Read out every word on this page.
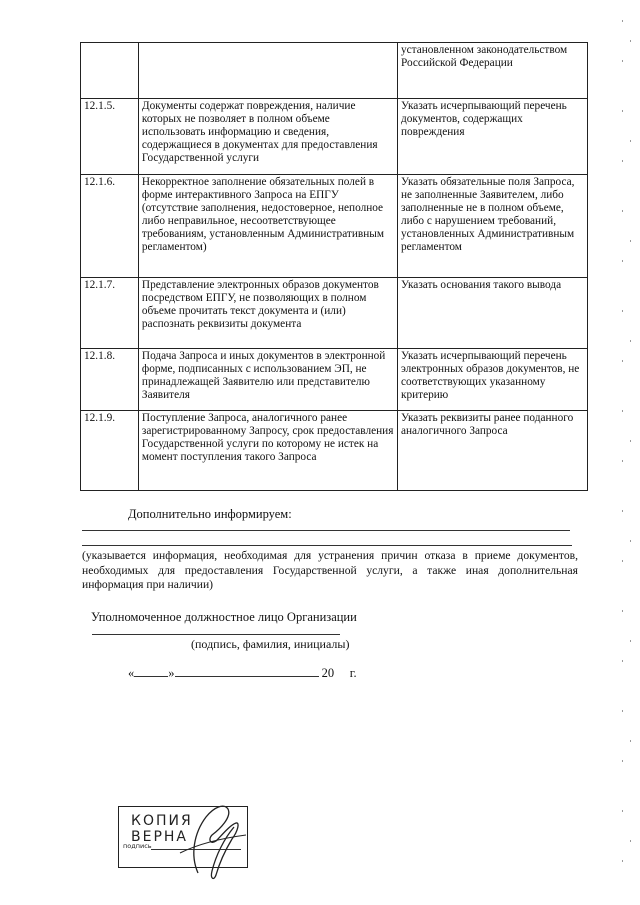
		установленном законодательством Российской Федерации
12.1.5.	Документы содержат повреждения, наличие которых не позволяет в полном объеме использовать информацию и сведения, содержащиеся в документах для предоставления Государственной услуги	Указать исчерпывающий перечень документов, содержащих повреждения
12.1.6.	Некорректное заполнение обязательных полей в форме интерактивного Запроса на ЕПГУ (отсутствие заполнения, недостоверное, неполное либо неправильное, несоответствующее требованиям, установленным Административным регламентом)	Указать обязательные поля Запроса, не заполненные Заявителем, либо заполненные не в полном объеме, либо с нарушением требований, установленных Административным регламентом
12.1.7.	Представление электронных образов документов посредством ЕПГУ, не позволяющих в полном объеме прочитать текст документа и (или) распознать реквизиты документа	Указать основания такого вывода
12.1.8.	Подача Запроса и иных документов в электронной форме, подписанных с использованием ЭП, не принадлежащей Заявителю или представителю Заявителя	Указать исчерпывающий перечень электронных образов документов, не соответствующих указанному критерию
12.1.9.	Поступление Запроса, аналогичного ранее зарегистрированному Запросу, срок предоставления Государственной услуги по которому не истек на момент поступления такого Запроса	Указать реквизиты ранее поданного аналогичного Запроса
Дополнительно информируем:
(указывается информация, необходимая для устранения причин отказа в приеме документов, необходимых для предоставления Государственной услуги, а также иная дополнительная информация при наличии)
Уполномоченное должностное лицо Организации
(подпись, фамилия, инициалы)
«	»	20 г.
КОПИЯ ВЕРНА
подпись
